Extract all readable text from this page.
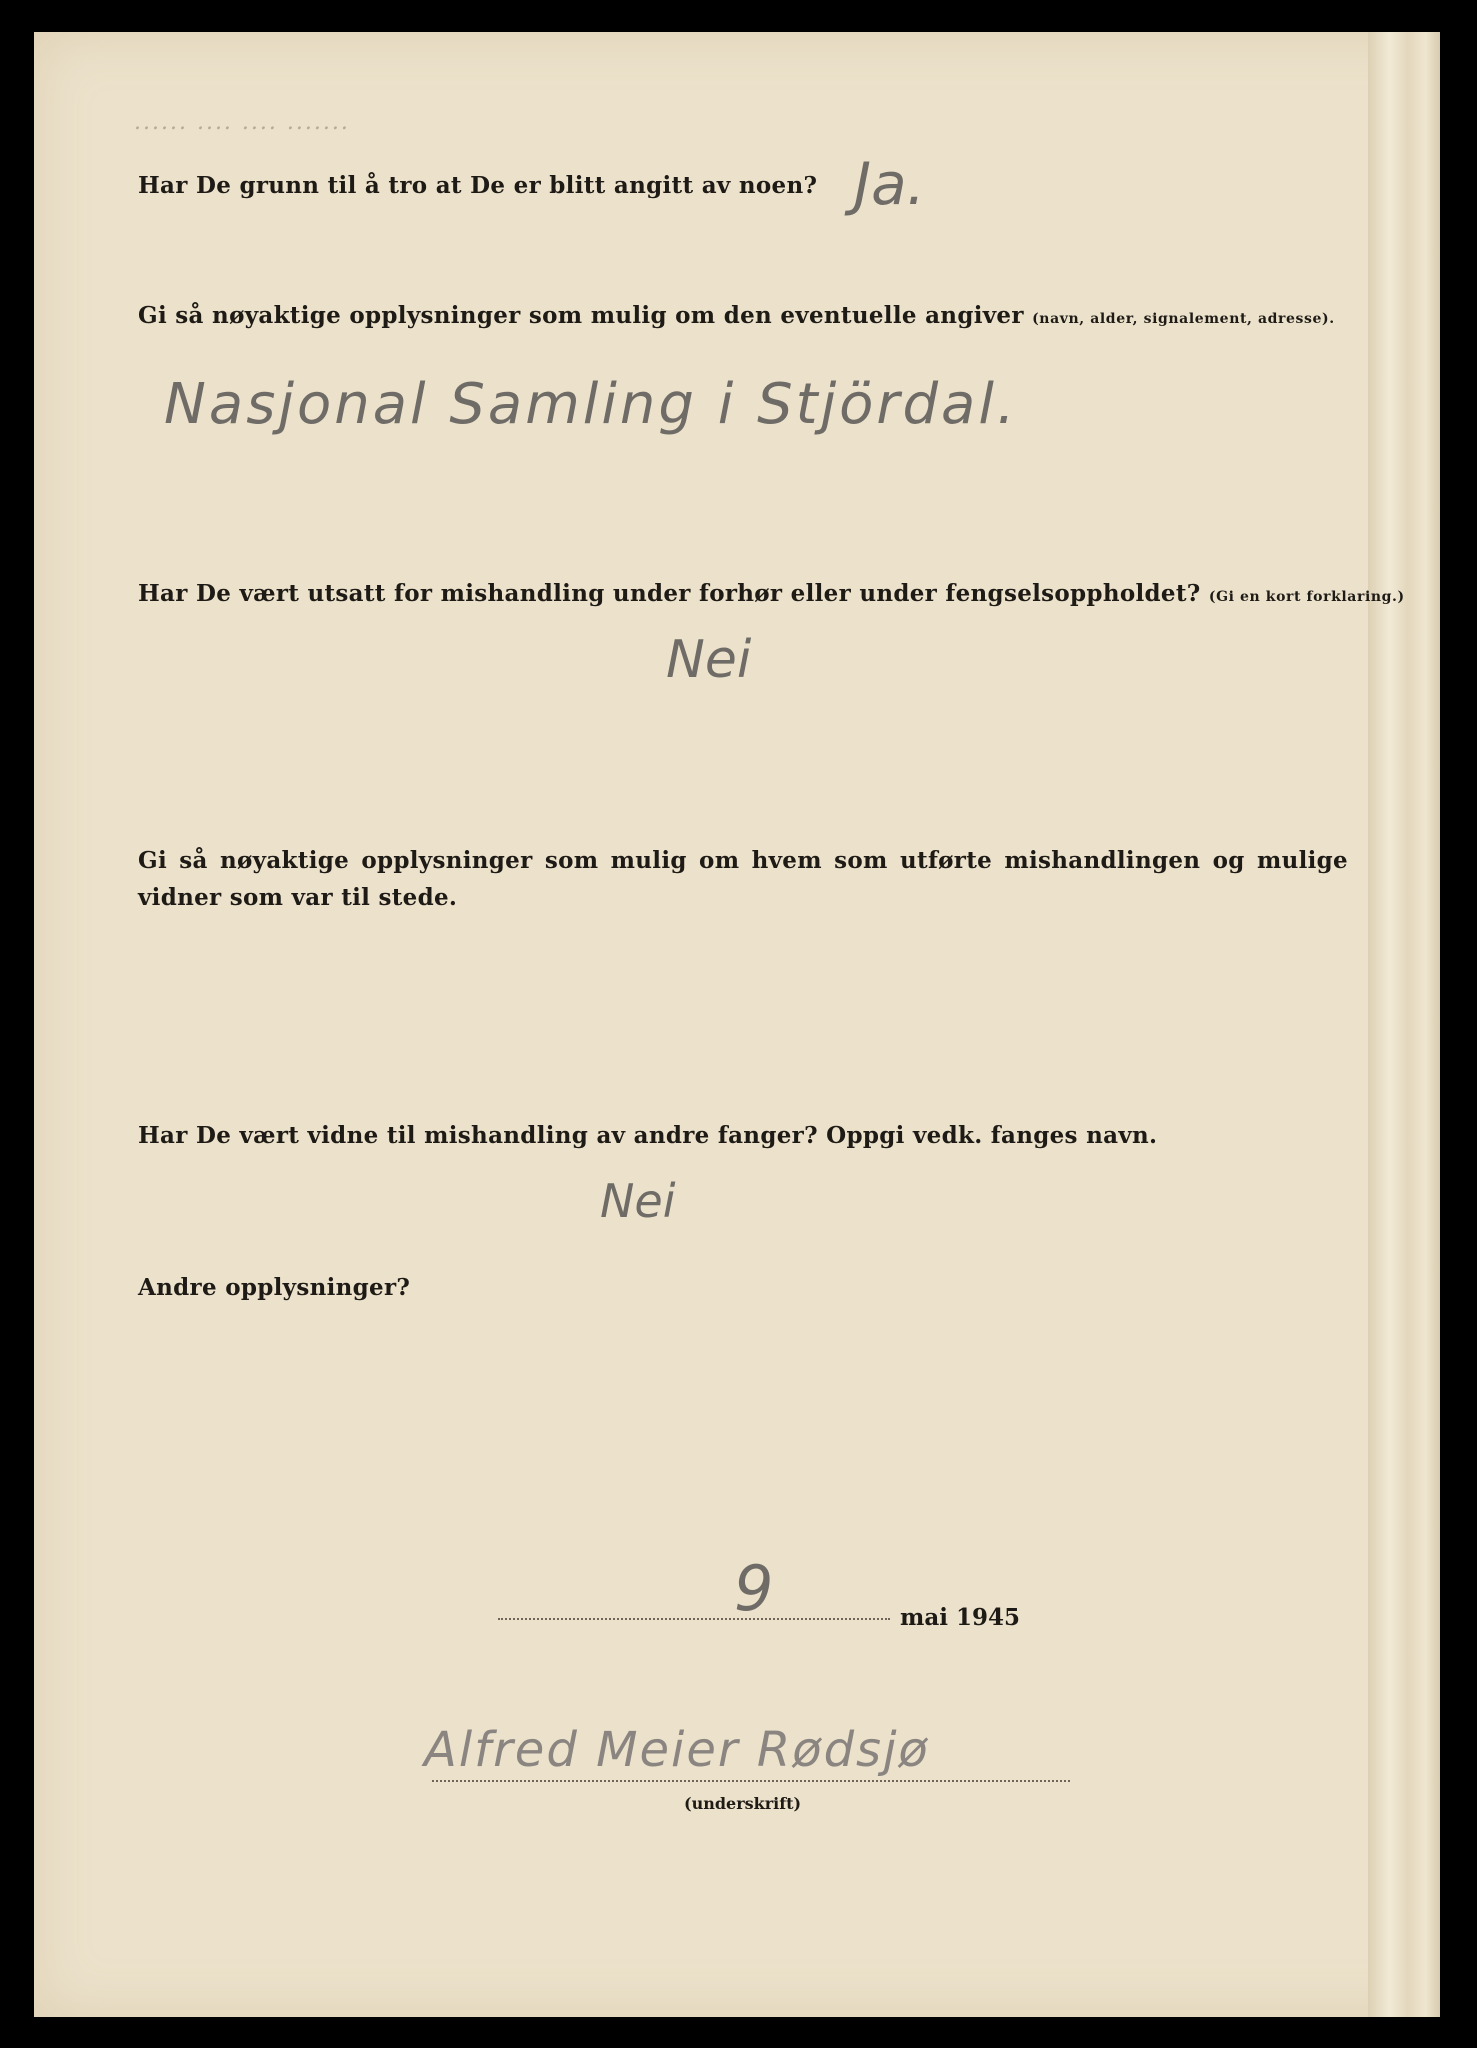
...... .... .... .......
Har De grunn til å tro at De er blitt angitt av noen? Ja.
Gi så nøyaktige opplysninger som mulig om den eventuelle angiver (navn, alder, signalement, adresse).
Nasjonal Samling i Stjördal.
Har De vært utsatt for mishandling under forhør eller under fengselsoppholdet? (Gi en kort forklaring.)
Nei
Gi så nøyaktige opplysninger som mulig om hvem som utførte mishandlingen og mulige vidner som var til stede.
Har De vært vidne til mishandling av andre fanger? Oppgi vedk. fanges navn.
Nei
Andre opplysninger?
9	mai 1945
Alfred Meier Rødsjø
(underskrift)
